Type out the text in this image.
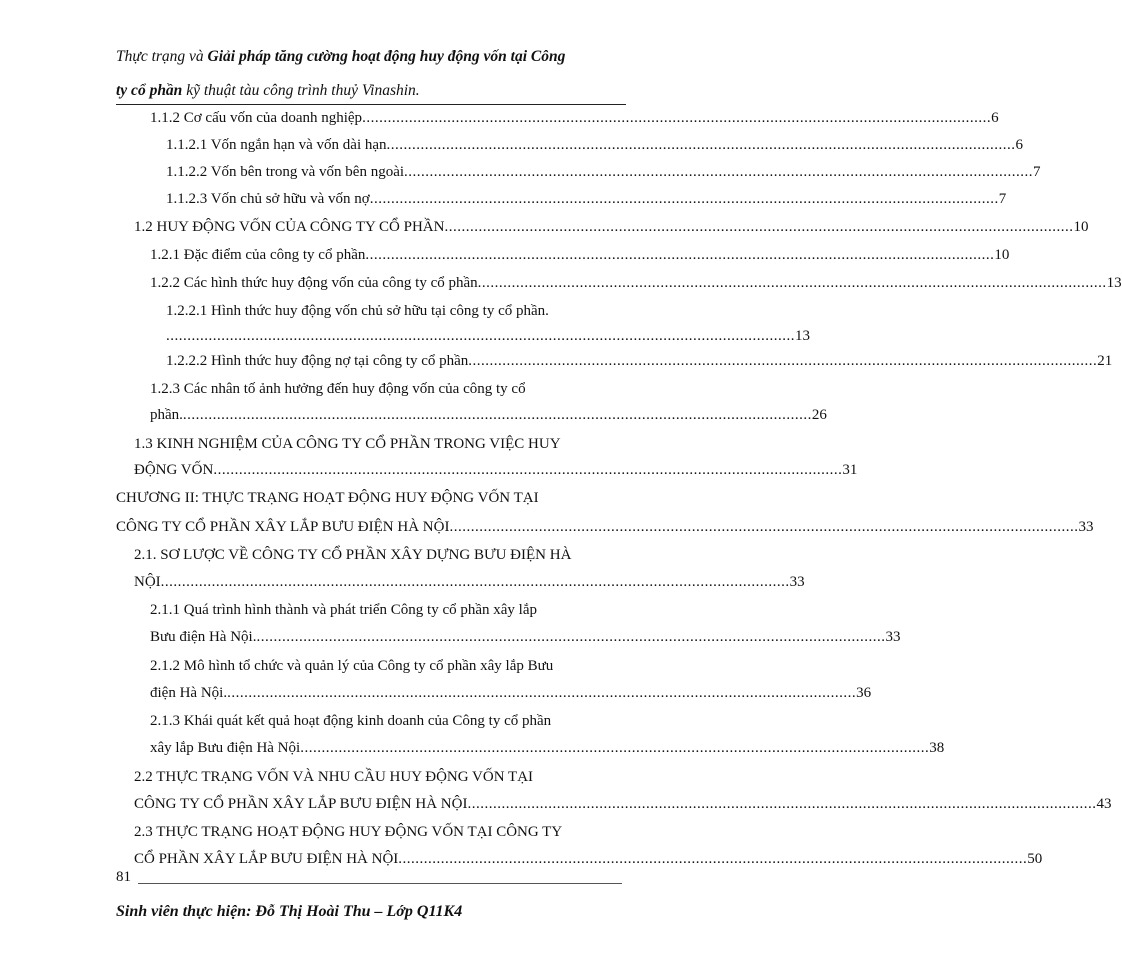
Thực trạng và Giải pháp tăng cường hoạt động huy động vốn tại Công
ty cổ phần kỹ thuật tàu công trình thuỷ Vinashin.
1.1.2 Cơ cấu vốn của doanh nghiệp .................................................................................................................................................... 6
1.1.2.1 Vốn ngắn hạn và vốn dài hạn .................................................................................................................................................... 6
1.1.2.2 Vốn bên trong và vốn bên ngoài .................................................................................................................................................... 7
1.1.2.3 Vốn chủ sở hữu và vốn nợ .................................................................................................................................................... 7
1.2 HUY ĐỘNG VỐN CỦA CÔNG TY CỔ PHẦN .................................................................................................................................................... 10
1.2.1 Đặc điểm của công ty cổ phần .................................................................................................................................................... 10
1.2.2 Các hình thức huy động vốn của công ty cổ phần .................................................................................................................................................... 13
1.2.2.1 Hình thức huy động vốn chủ sở hữu tại công ty cổ phần.
.................................................................................................................................................... 13
1.2.2.2 Hình thức huy động nợ tại công ty cổ phần .................................................................................................................................................... 21
1.2.3 Các nhân tố ảnh hưởng đến huy động vốn của công ty cổ
phần. .................................................................................................................................................... 26
1.3 KINH NGHIỆM CỦA CÔNG TY CỔ PHẦN TRONG VIỆC HUY
ĐỘNG VỐN .................................................................................................................................................... 31
CHƯƠNG II: THỰC TRẠNG HOẠT ĐỘNG HUY ĐỘNG VỐN TẠI
CÔNG TY CỔ PHẦN XÂY LẮP BƯU ĐIỆN HÀ NỘI .................................................................................................................................................... 33
2.1. SƠ LƯỢC VỀ CÔNG TY CỔ PHẦN XÂY DỰNG BƯU ĐIỆN HÀ
NỘI .................................................................................................................................................... 33
2.1.1 Quá trình hình thành và phát triển Công ty cổ phần xây lắp
Bưu điện Hà Nội. .................................................................................................................................................... 33
2.1.2 Mô hình tổ chức và quản lý của Công ty cổ phần xây lắp Bưu
điện Hà Nội. .................................................................................................................................................... 36
2.1.3 Khái quát kết quả hoạt động kinh doanh của Công ty cổ phần
xây lắp Bưu điện Hà Nội .................................................................................................................................................... 38
2.2 THỰC TRẠNG VỐN VÀ NHU CẦU HUY ĐỘNG VỐN TẠI
CÔNG TY CỔ PHẦN XÂY LẮP BƯU ĐIỆN HÀ NỘI .................................................................................................................................................... 43
2.3 THỰC TRẠNG HOẠT ĐỘNG HUY ĐỘNG VỐN TẠI CÔNG TY
CỔ PHẦN XÂY LẮP BƯU ĐIỆN HÀ NỘI .................................................................................................................................................... 50
81
Sinh viên thực hiện: Đỗ Thị Hoài Thu – Lớp Q11K4
